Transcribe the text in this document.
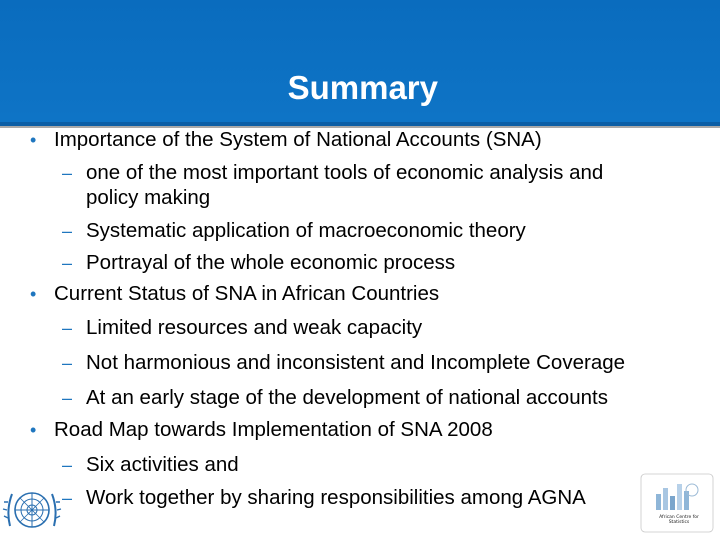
Summary
• Importance of the System of National Accounts (SNA)
– one of the most important tools of economic analysis and
policy making
– Systematic application of macroeconomic theory
– Portrayal of the whole economic process
• Current Status of SNA in African Countries
– Limited resources and weak capacity
– Not harmonious and inconsistent and Incomplete Coverage
– At an early stage of the development of national accounts
• Road Map towards Implementation of SNA 2008
– Six activities and
– Work together by sharing responsibilities among AGNA
African Centre for Statistics
